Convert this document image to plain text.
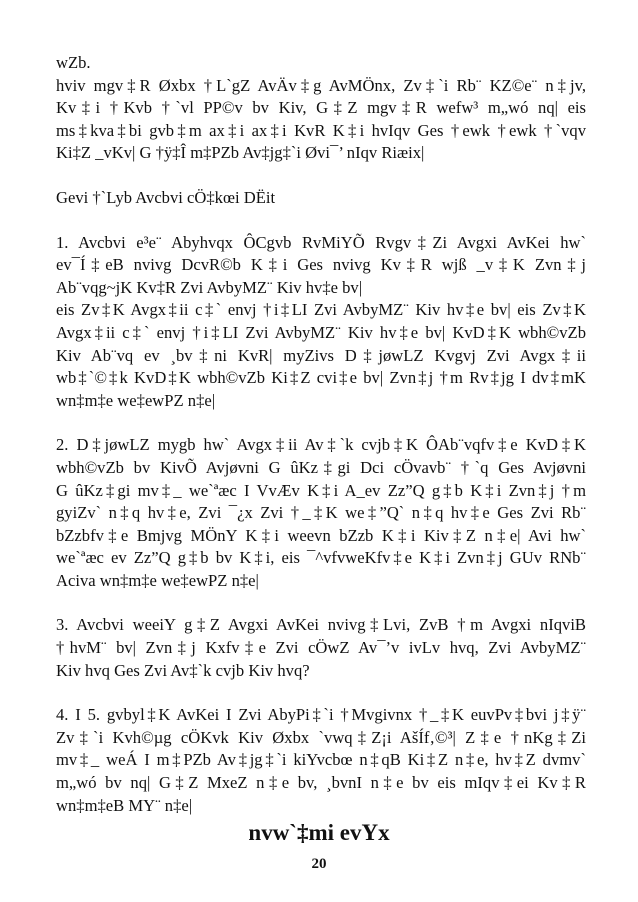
wZb.
hviv mgv‡R Øxbx †L`gZ AvÄv‡g AvMÖnx, Zv‡`i Rb¨ KZ©e¨ n‡jv,
Kv‡i †Kvb †`vl PP©v bv Kiv, G‡Z mgv‡R wefw³ m„wó nq| eis
ms‡kva‡bi gvb‡m ax‡i ax‡i KvR K‡i hvIqv Ges †ewk †ewk †`vqv
Ki‡Z _vKv| G †ÿ‡Î m‡PZb Av‡jg‡`i Øvi¯’ nIqv Riæix|
Gevi †`Lyb Avcbvi cÖ‡kœi DËit
1. Avcbvi e³e¨ Abyhvqx ÔCgvb RvMiYÕ Rvgv‡Zi Avgxi AvKei hw`
ev¯Í‡eB nvivg DcvR©b K‡i Ges nvivg Kv‡R wjß _v‡K Zvn‡j
Ab¨vqg~jK Kv‡R Zvi AvbyMZ¨ Kiv hv‡e bv|
eis Zv‡K Avgx‡ii c‡` envj †i‡LI Zvi AvbyMZ¨ Kiv hv‡e bv| eis Zv‡K
Avgx‡ii c‡` envj †i‡LI Zvi AvbyMZ¨ Kiv hv‡e bv| KvD‡K wbh©vZb
Kiv Ab¨vq ev ¸bv‡ni KvR| myZivs D‡jøwLZ Kvgvj Zvi Avgx‡ii
wb‡`©‡k KvD‡K wbh©vZb Ki‡Z cvi‡e bv| Zvn‡j †m Rv‡jg I dv‡mK
wn‡m‡e we‡ewPZ n‡e|
2. D‡jøwLZ mygb hw` Avgx‡ii Av‡`k cvjb‡K ÔAb¨vqfv‡e KvD‡K
wbh©vZb bv KivÕ Avjøvni G ûKz‡gi Dci cÖvavb¨ †`q Ges Avjøvni
G ûKz‡gi mv‡_ we`ªæc I VvÆv K‡i A_ev Zz”Q g‡b K‡i Zvn‡j †m
gyiZv` n‡q hv‡e, Zvi ¯¿x Zvi †_‡K we‡”Q` n‡q hv‡e Ges Zvi Rb¨
bZzbfv‡e Bmjvg MÖnY K‡i weevn bZzb K‡i Kiv‡Z n‡e| Avi hw`
we`ªæc ev Zz”Q g‡b bv K‡i, eis ¯^vfvweKfv‡e K‡i Zvn‡j GUv RNb¨
Aciva wn‡m‡e we‡ewPZ n‡e|
3. Avcbvi weeiY g‡Z Avgxi AvKei nvivg‡Lvi, ZvB †m Avgxi nIqviB
†hvM¨ bv| Zvn‡j Kxfv‡e Zvi cÖwZ Av¯’v ivLv hvq, Zvi AvbyMZ¨
Kiv hvq Ges Zvi Av‡`k cvjb Kiv hvq?
4. I 5. gvbyl‡K AvKei I Zvi AbyPi‡`i †Mvgivnx †_‡K euvPv‡bvi j‡ÿ¨
Zv‡`i Kvh©µg cÖKvk Kiv Øxbx `vwq‡Z¡i AšÍf‚©³| Z‡e †nKg‡Zi
mv‡_ weÁ I m‡PZb Av‡jg‡`i kiYvcbœ n‡qB Ki‡Z n‡e, hv‡Z dvmv`
m„wó bv nq| G‡Z MxeZ n‡e bv, ¸bvnI n‡e bv eis mIqv‡ei Kv‡R
wn‡m‡eB MY¨ n‡e|
nvw`‡mi evYx
20
